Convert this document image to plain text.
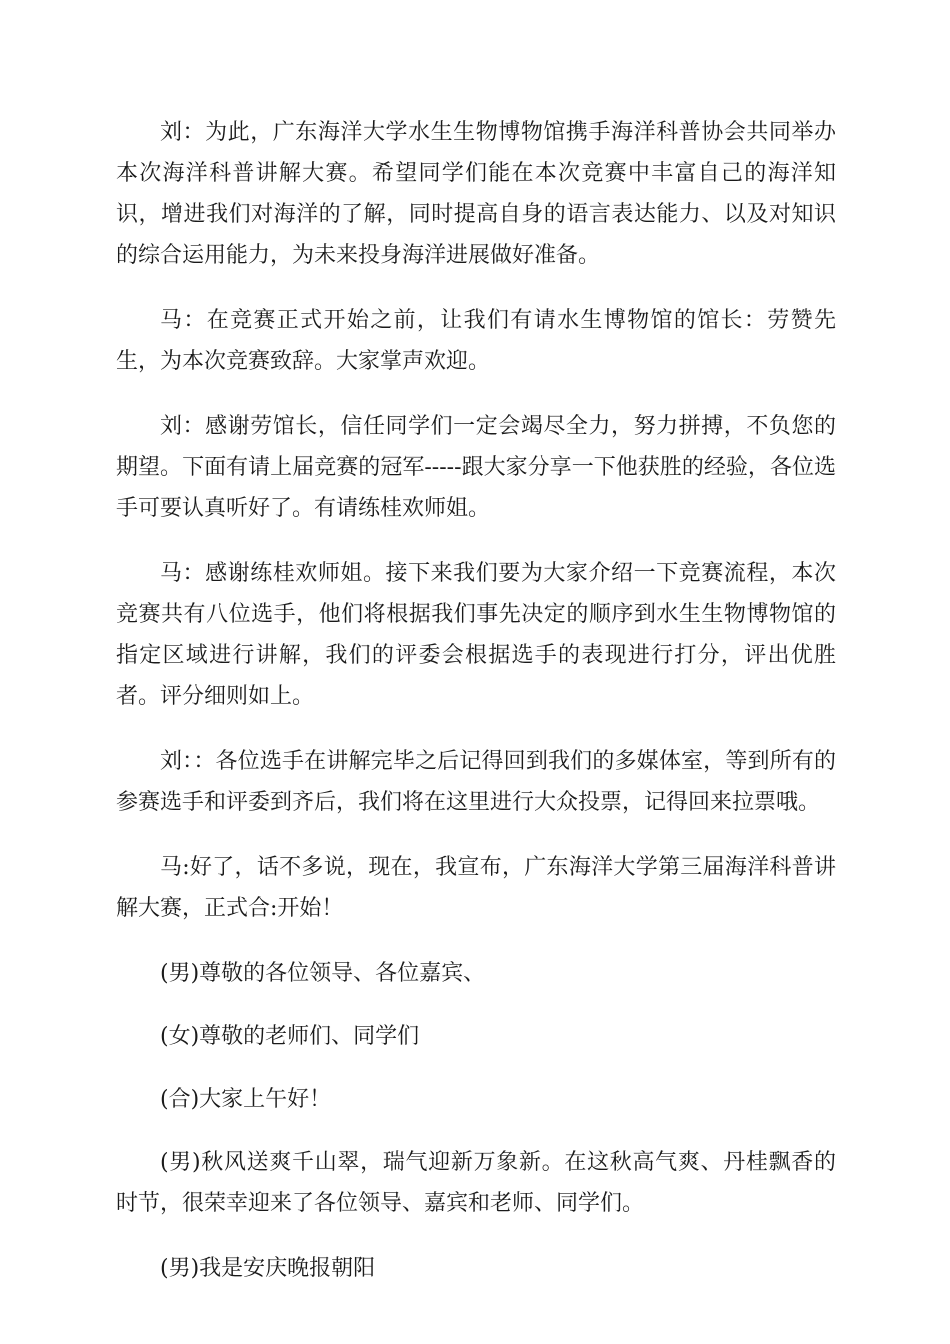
刘：为此，广东海洋大学水生生物博物馆携手海洋科普协会共同举办本次海洋科普讲解大赛。希望同学们能在本次竞赛中丰富自己的海洋知识，增进我们对海洋的了解，同时提高自身的语言表达能力、以及对知识的综合运用能力，为未来投身海洋进展做好准备。

马：在竞赛正式开始之前，让我们有请水生博物馆的馆长：劳赞先生，为本次竞赛致辞。大家掌声欢迎。

刘：感谢劳馆长，信任同学们一定会竭尽全力，努力拼搏，不负您的期望。下面有请上届竞赛的冠军-----跟大家分享一下他获胜的经验，各位选手可要认真听好了。有请练桂欢师姐。

马：感谢练桂欢师姐。接下来我们要为大家介绍一下竞赛流程，本次竞赛共有八位选手，他们将根据我们事先决定的顺序到水生生物博物馆的指定区域进行讲解，我们的评委会根据选手的表现进行打分，评出优胜者。评分细则如上。

刘：：各位选手在讲解完毕之后记得回到我们的多媒体室，等到所有的参赛选手和评委到齐后，我们将在这里进行大众投票，记得回来拉票哦。

马:好了，话不多说，现在，我宣布，广东海洋大学第三届海洋科普讲解大赛，正式合:开始！

(男)尊敬的各位领导、各位嘉宾、

(女)尊敬的老师们、同学们

(合)大家上午好！

(男)秋风送爽千山翠，瑞气迎新万象新。在这秋高气爽、丹桂飘香的时节，很荣幸迎来了各位领导、嘉宾和老师、同学们。

(男)我是安庆晚报朝阳
